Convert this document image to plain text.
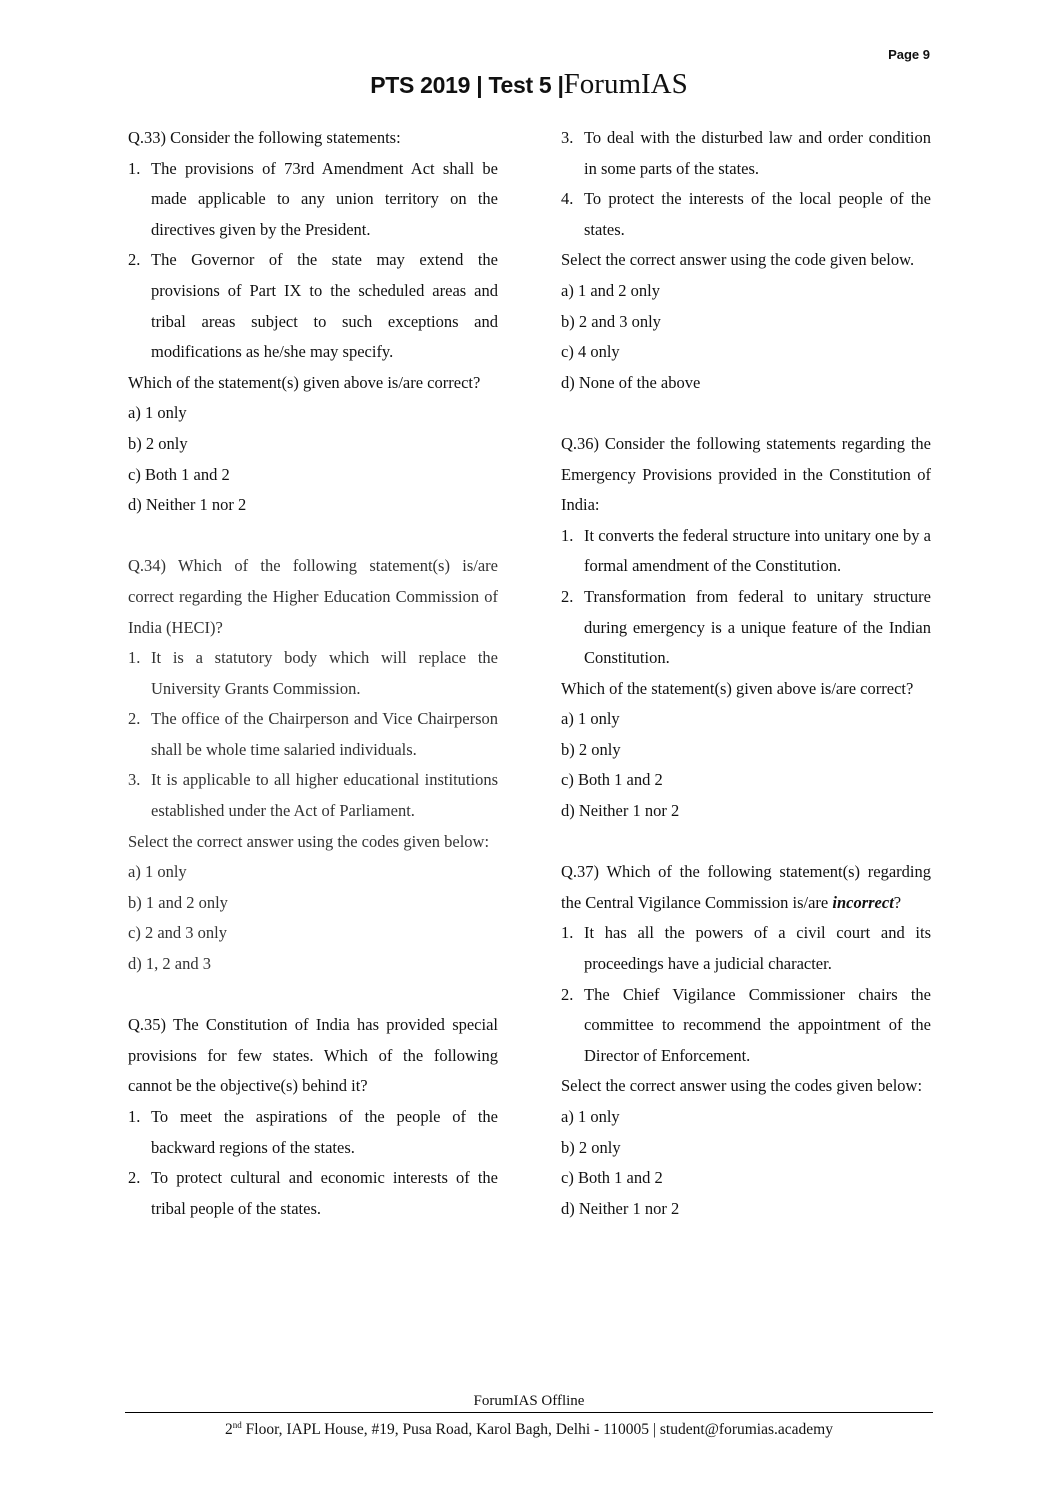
Page 9
PTS 2019 | Test 5 |ForumIAS

Q.33) Consider the following statements:

1. The provisions of 73rd Amendment Act shall be made applicable to any union territory on the directives given by the President.
2. The Governor of the state may extend the provisions of Part IX to the scheduled areas and tribal areas subject to such exceptions and modifications as he/she may specify.

Which of the statement(s) given above is/are correct?

a) 1 only
b) 2 only
c) Both 1 and 2
d) Neither 1 nor 2

Q.34) Which of the following statement(s) is/are correct regarding the Higher Education Commission of India (HECI)?

1. It is a statutory body which will replace the University Grants Commission.
2. The office of the Chairperson and Vice Chairperson shall be whole time salaried individuals.
3. It is applicable to all higher educational institutions established under the Act of Parliament.

Select the correct answer using the codes given below:

a) 1 only
b) 1 and 2 only
c) 2 and 3 only
d) 1, 2 and 3

Q.35) The Constitution of India has provided special provisions for few states. Which of the following cannot be the objective(s) behind it?

1. To meet the aspirations of the people of the backward regions of the states.
2. To protect cultural and economic interests of the tribal people of the states.
3. To deal with the disturbed law and order condition in some parts of the states.
4. To protect the interests of the local people of the states.

Select the correct answer using the code given below.

a) 1 and 2 only
b) 2 and 3 only
c) 4 only
d) None of the above

Q.36) Consider the following statements regarding the Emergency Provisions provided in the Constitution of India:

1. It converts the federal structure into unitary one by a formal amendment of the Constitution.
2. Transformation from federal to unitary structure during emergency is a unique feature of the Indian Constitution.

Which of the statement(s) given above is/are correct?

a) 1 only
b) 2 only
c) Both 1 and 2
d) Neither 1 nor 2

Q.37) Which of the following statement(s) regarding the Central Vigilance Commission is/are incorrect?

1. It has all the powers of a civil court and its proceedings have a judicial character.
2. The Chief Vigilance Commissioner chairs the committee to recommend the appointment of the Director of Enforcement.

Select the correct answer using the codes given below:

a) 1 only
b) 2 only
c) Both 1 and 2
d) Neither 1 nor 2
ForumIAS Offline
2nd Floor, IAPL House, #19, Pusa Road, Karol Bagh, Delhi - 110005 | student@forumias.academy
